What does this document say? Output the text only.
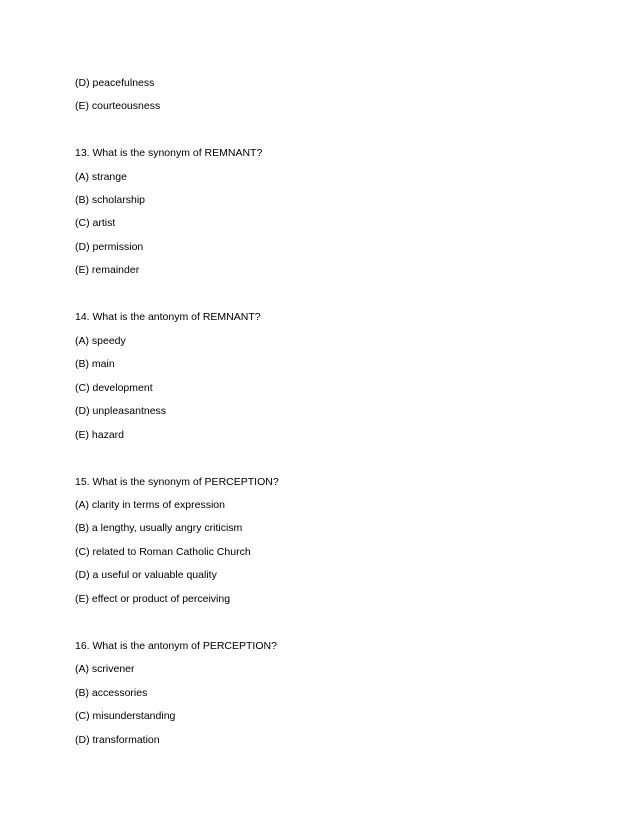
(D) peacefulness

(E) courteousness

13. What is the synonym of REMNANT?

(A) strange

(B) scholarship

(C) artist

(D) permission

(E) remainder

14. What is the antonym of REMNANT?

(A) speedy

(B) main

(C) development

(D) unpleasantness

(E) hazard

15. What is the synonym of PERCEPTION?

(A) clarity in terms of expression

(B) a lengthy, usually angry criticism

(C) related to Roman Catholic Church

(D) a useful or valuable quality

(E) effect or product of perceiving

16. What is the antonym of PERCEPTION?

(A) scrivener

(B) accessories

(C) misunderstanding

(D) transformation
